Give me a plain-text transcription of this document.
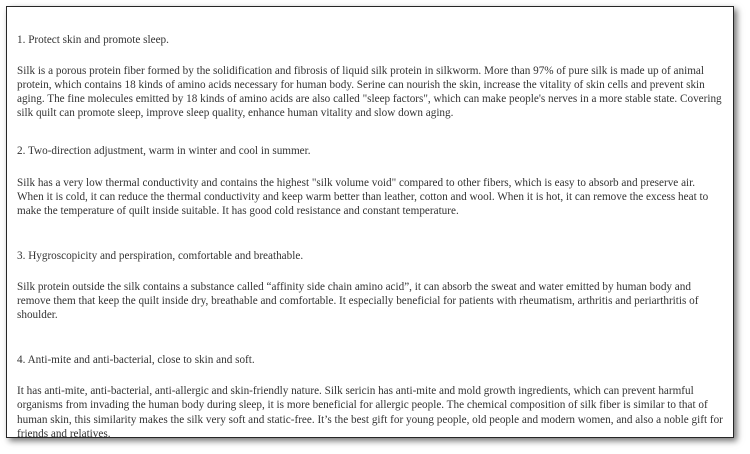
1. Protect skin and promote sleep.

Silk is a porous protein fiber formed by the solidification and fibrosis of liquid silk protein in silkworm. More than 97% of pure silk is made up of animal protein, which contains 18 kinds of amino acids necessary for human body. Serine can nourish the skin, increase the vitality of skin cells and prevent skin aging. The fine molecules emitted by 18 kinds of amino acids are also called "sleep factors", which can make people's nerves in a more stable state. Covering silk quilt can promote sleep, improve sleep quality, enhance human vitality and slow down aging.

2. Two-direction adjustment, warm in winter and cool in summer.

Silk has a very low thermal conductivity and contains the highest "silk volume void" compared to other fibers, which is easy to absorb and preserve air. When it is cold, it can reduce the thermal conductivity and keep warm better than leather, cotton and wool. When it is hot, it can remove the excess heat to make the temperature of quilt inside suitable. It has good cold resistance and constant temperature.

3. Hygroscopicity and perspiration, comfortable and breathable.

Silk protein outside the silk contains a substance called “affinity side chain amino acid”, it can absorb the sweat and water emitted by human body and remove them that keep the quilt inside dry, breathable and comfortable. It especially beneficial for patients with rheumatism, arthritis and periarthritis of shoulder.

4. Anti-mite and anti-bacterial, close to skin and soft.

It has anti-mite, anti-bacterial, anti-allergic and skin-friendly nature. Silk sericin has anti-mite and mold growth ingredients, which can prevent harmful organisms from invading the human body during sleep, it is more beneficial for allergic people. The chemical composition of silk fiber is similar to that of human skin, this similarity makes the silk very soft and static-free. It’s the best gift for young people, old people and modern women, and also a noble gift for friends and relatives.
